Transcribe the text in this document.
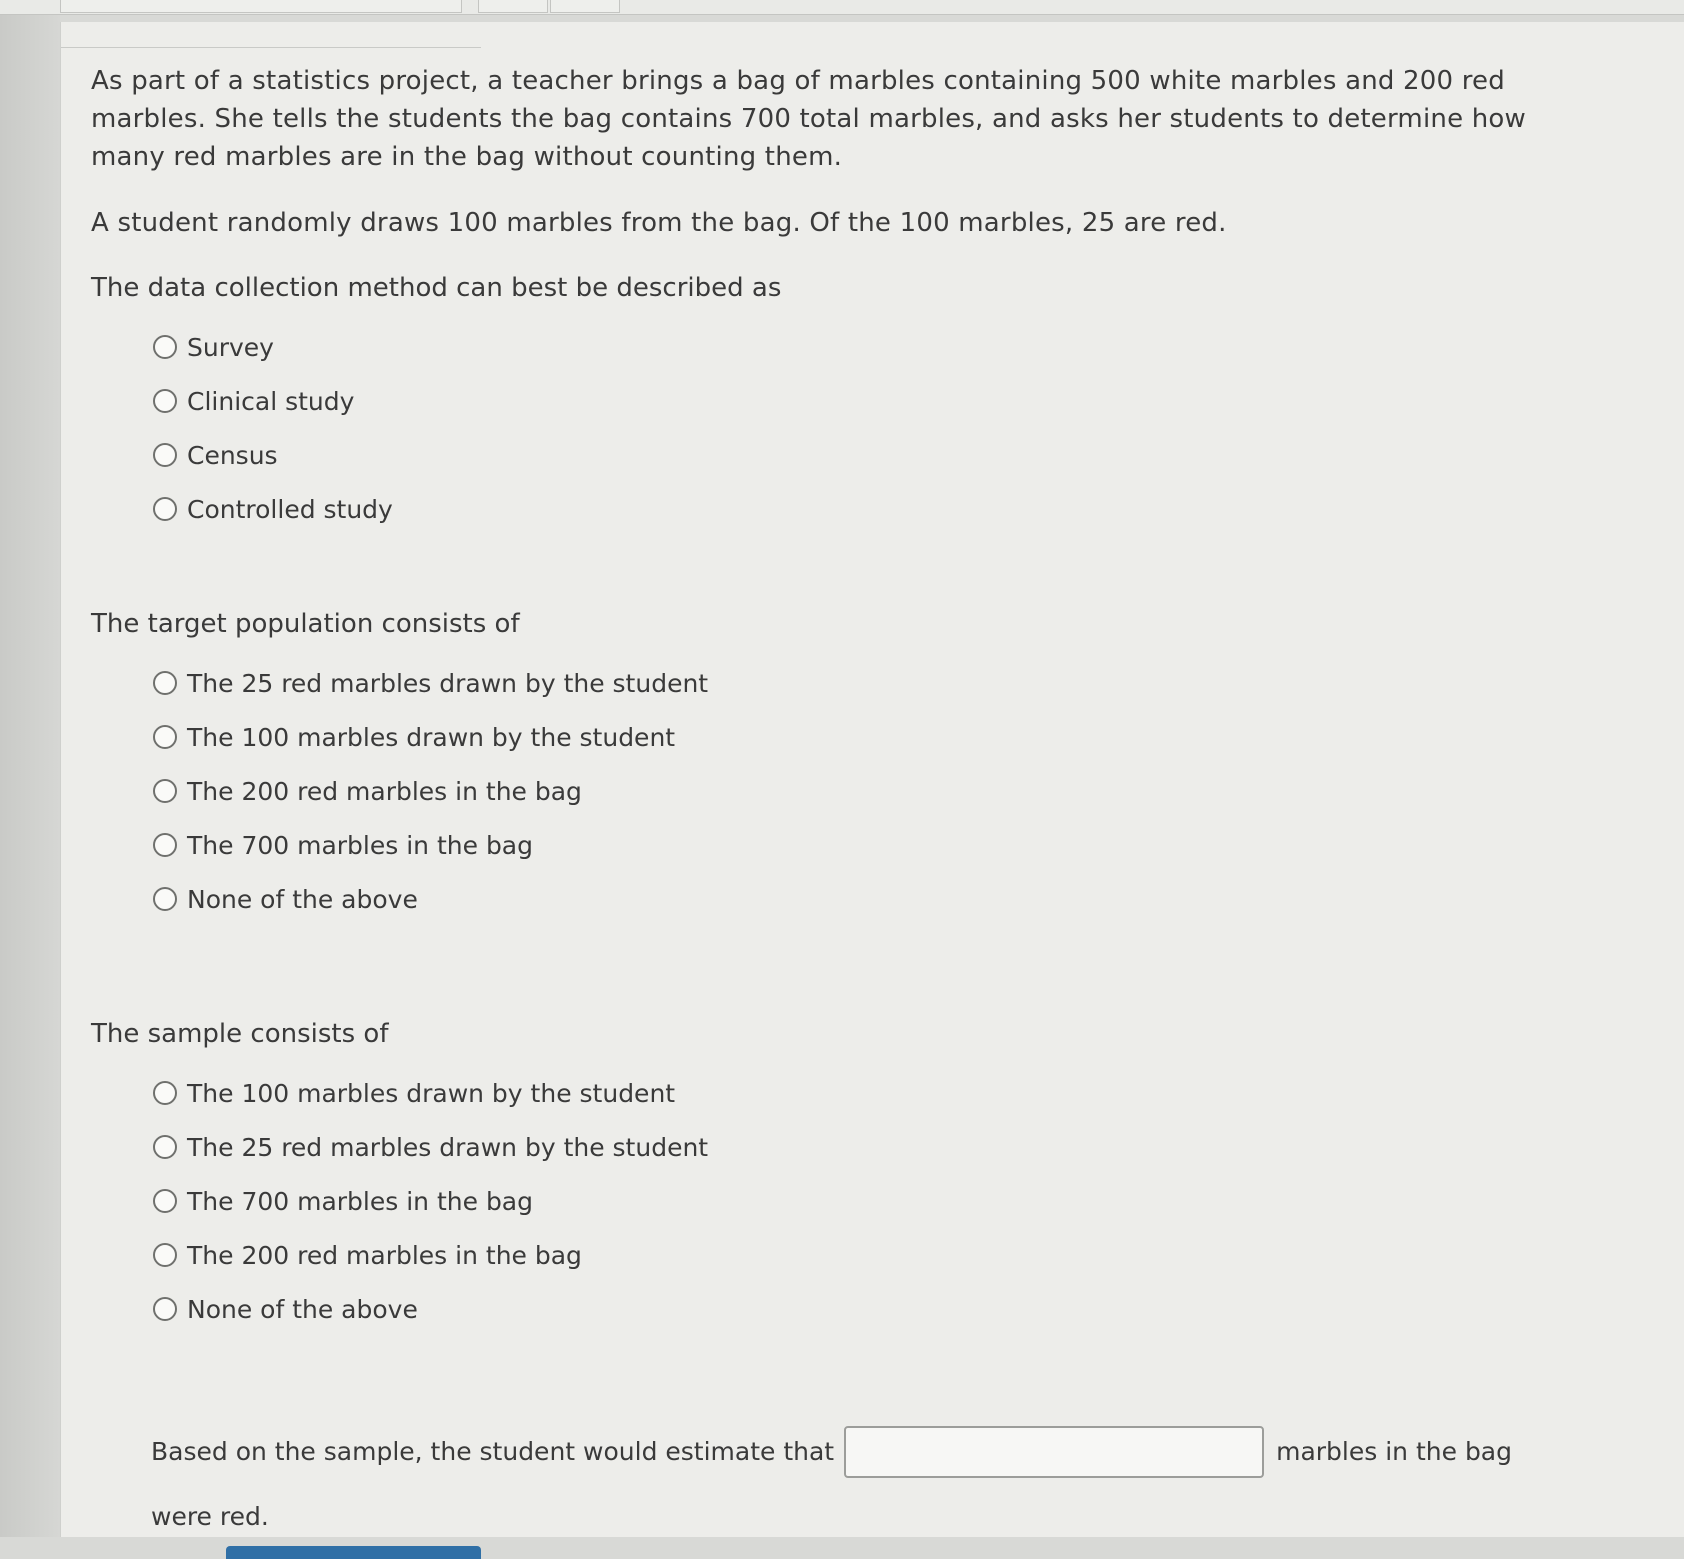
As part of a statistics project, a teacher brings a bag of marbles containing 500 white marbles and 200 red marbles. She tells the students the bag contains 700 total marbles, and asks her students to determine how many red marbles are in the bag without counting them.

A student randomly draws 100 marbles from the bag. Of the 100 marbles, 25 are red.

The data collection method can best be described as
Survey
Clinical study
Census
Controlled study
The target population consists of
The 25 red marbles drawn by the student
The 100 marbles drawn by the student
The 200 red marbles in the bag
The 700 marbles in the bag
None of the above
The sample consists of
The 100 marbles drawn by the student
The 25 red marbles drawn by the student
The 700 marbles in the bag
The 200 red marbles in the bag
None of the above
Based on the sample, the student would estimate that	marbles in the bag
were red.
